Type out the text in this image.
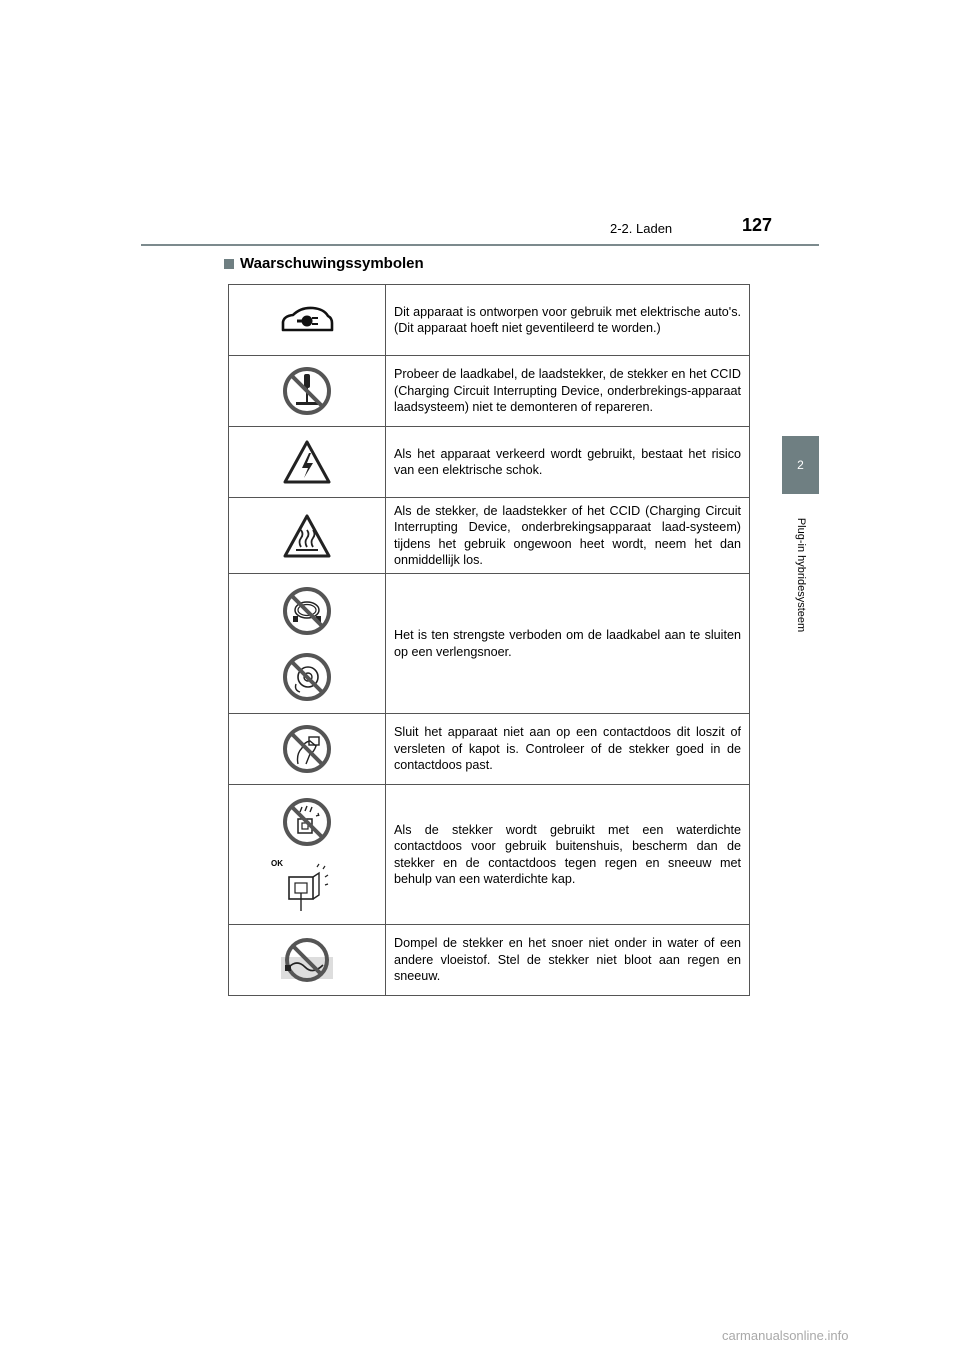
2-2. Laden	127
2
Plug-in hybridesysteem
Waarschuwingssymbolen
	Dit apparaat is ontworpen voor gebruik met elektrische auto's. (Dit apparaat hoeft niet geventileerd te worden.)

	Probeer de laadkabel, de laadstekker, de stekker en het CCID (Charging Circuit Interrupting Device, onderbrekings-apparaat laadsysteem) niet te demonteren of repareren.

	Als het apparaat verkeerd wordt gebruikt, bestaat het risico van een elektrische schok.

	Als de stekker, de laadstekker of het CCID (Charging Circuit Interrupting Device, onderbrekingsapparaat laad-systeem) tijdens het gebruik ongewoon heet wordt, neem het dan onmiddellijk los.

	Het is ten strengste verboden om de laadkabel aan te sluiten op een verlengsnoer.

	Sluit het apparaat niet aan op een contactdoos dit loszit of versleten of kapot is. Controleer of de stekker goed in de contactdoos past.

OK	Als de stekker wordt gebruikt met een waterdichte contactdoos voor gebruik buitenshuis, bescherm dan de stekker en de contactdoos tegen regen en sneeuw met behulp van een waterdichte kap.

	Dompel de stekker en het snoer niet onder in water of een andere vloeistof. Stel de stekker niet bloot aan regen en sneeuw.
carmanualsonline.info
